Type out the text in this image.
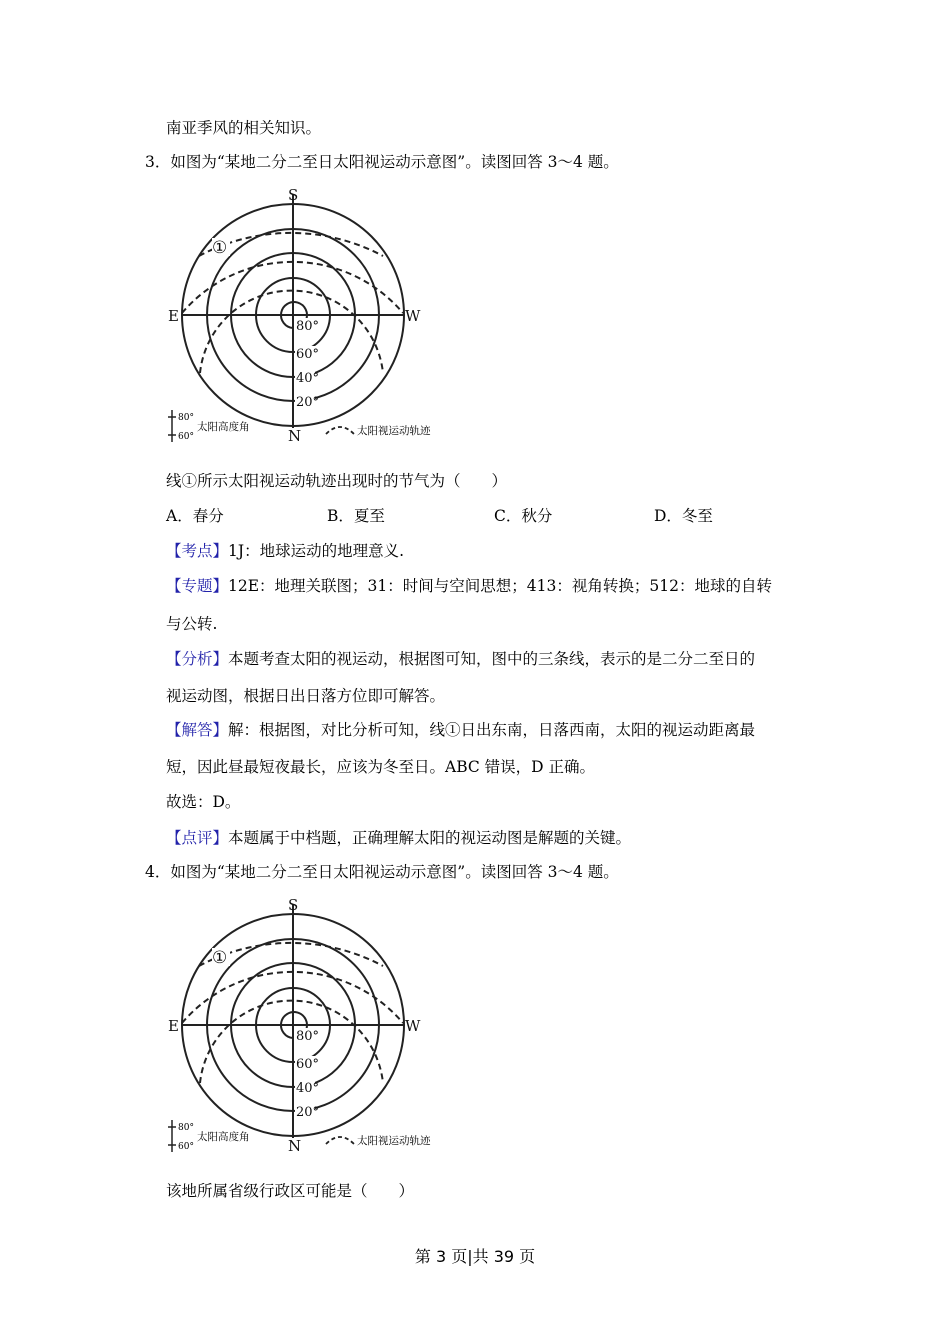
南亚季风的相关知识。
3．如图为“某地二分二至日太阳视运动示意图”。读图回答 3～4 题。
80°
60°
40°
20°
S
N
E	W
①
80°
60°
太阳高度角	太阳视运动轨迹
线①所示太阳视运动轨迹出现时的节气为（　　）
A．春分	B．夏至	C．秋分	D．冬至
【考点】1J：地球运动的地理意义.
【专题】12E：地理关联图；31：时间与空间思想；413：视角转换；512：地球的自转
与公转.
【分析】本题考查太阳的视运动，根据图可知，图中的三条线，表示的是二分二至日的
视运动图，根据日出日落方位即可解答。
【解答】解：根据图，对比分析可知，线①日出东南，日落西南，太阳的视运动距离最
短，因此昼最短夜最长，应该为冬至日。ABC 错误，D 正确。
故选：D。
【点评】本题属于中档题，正确理解太阳的视运动图是解题的关键。
4．如图为“某地二分二至日太阳视运动示意图”。读图回答 3～4 题。
80°
60°
40°
20°
S
N
E	W
①
80°
60°
太阳高度角	太阳视运动轨迹
该地所属省级行政区可能是（　　）
第 3 页|共 39 页
